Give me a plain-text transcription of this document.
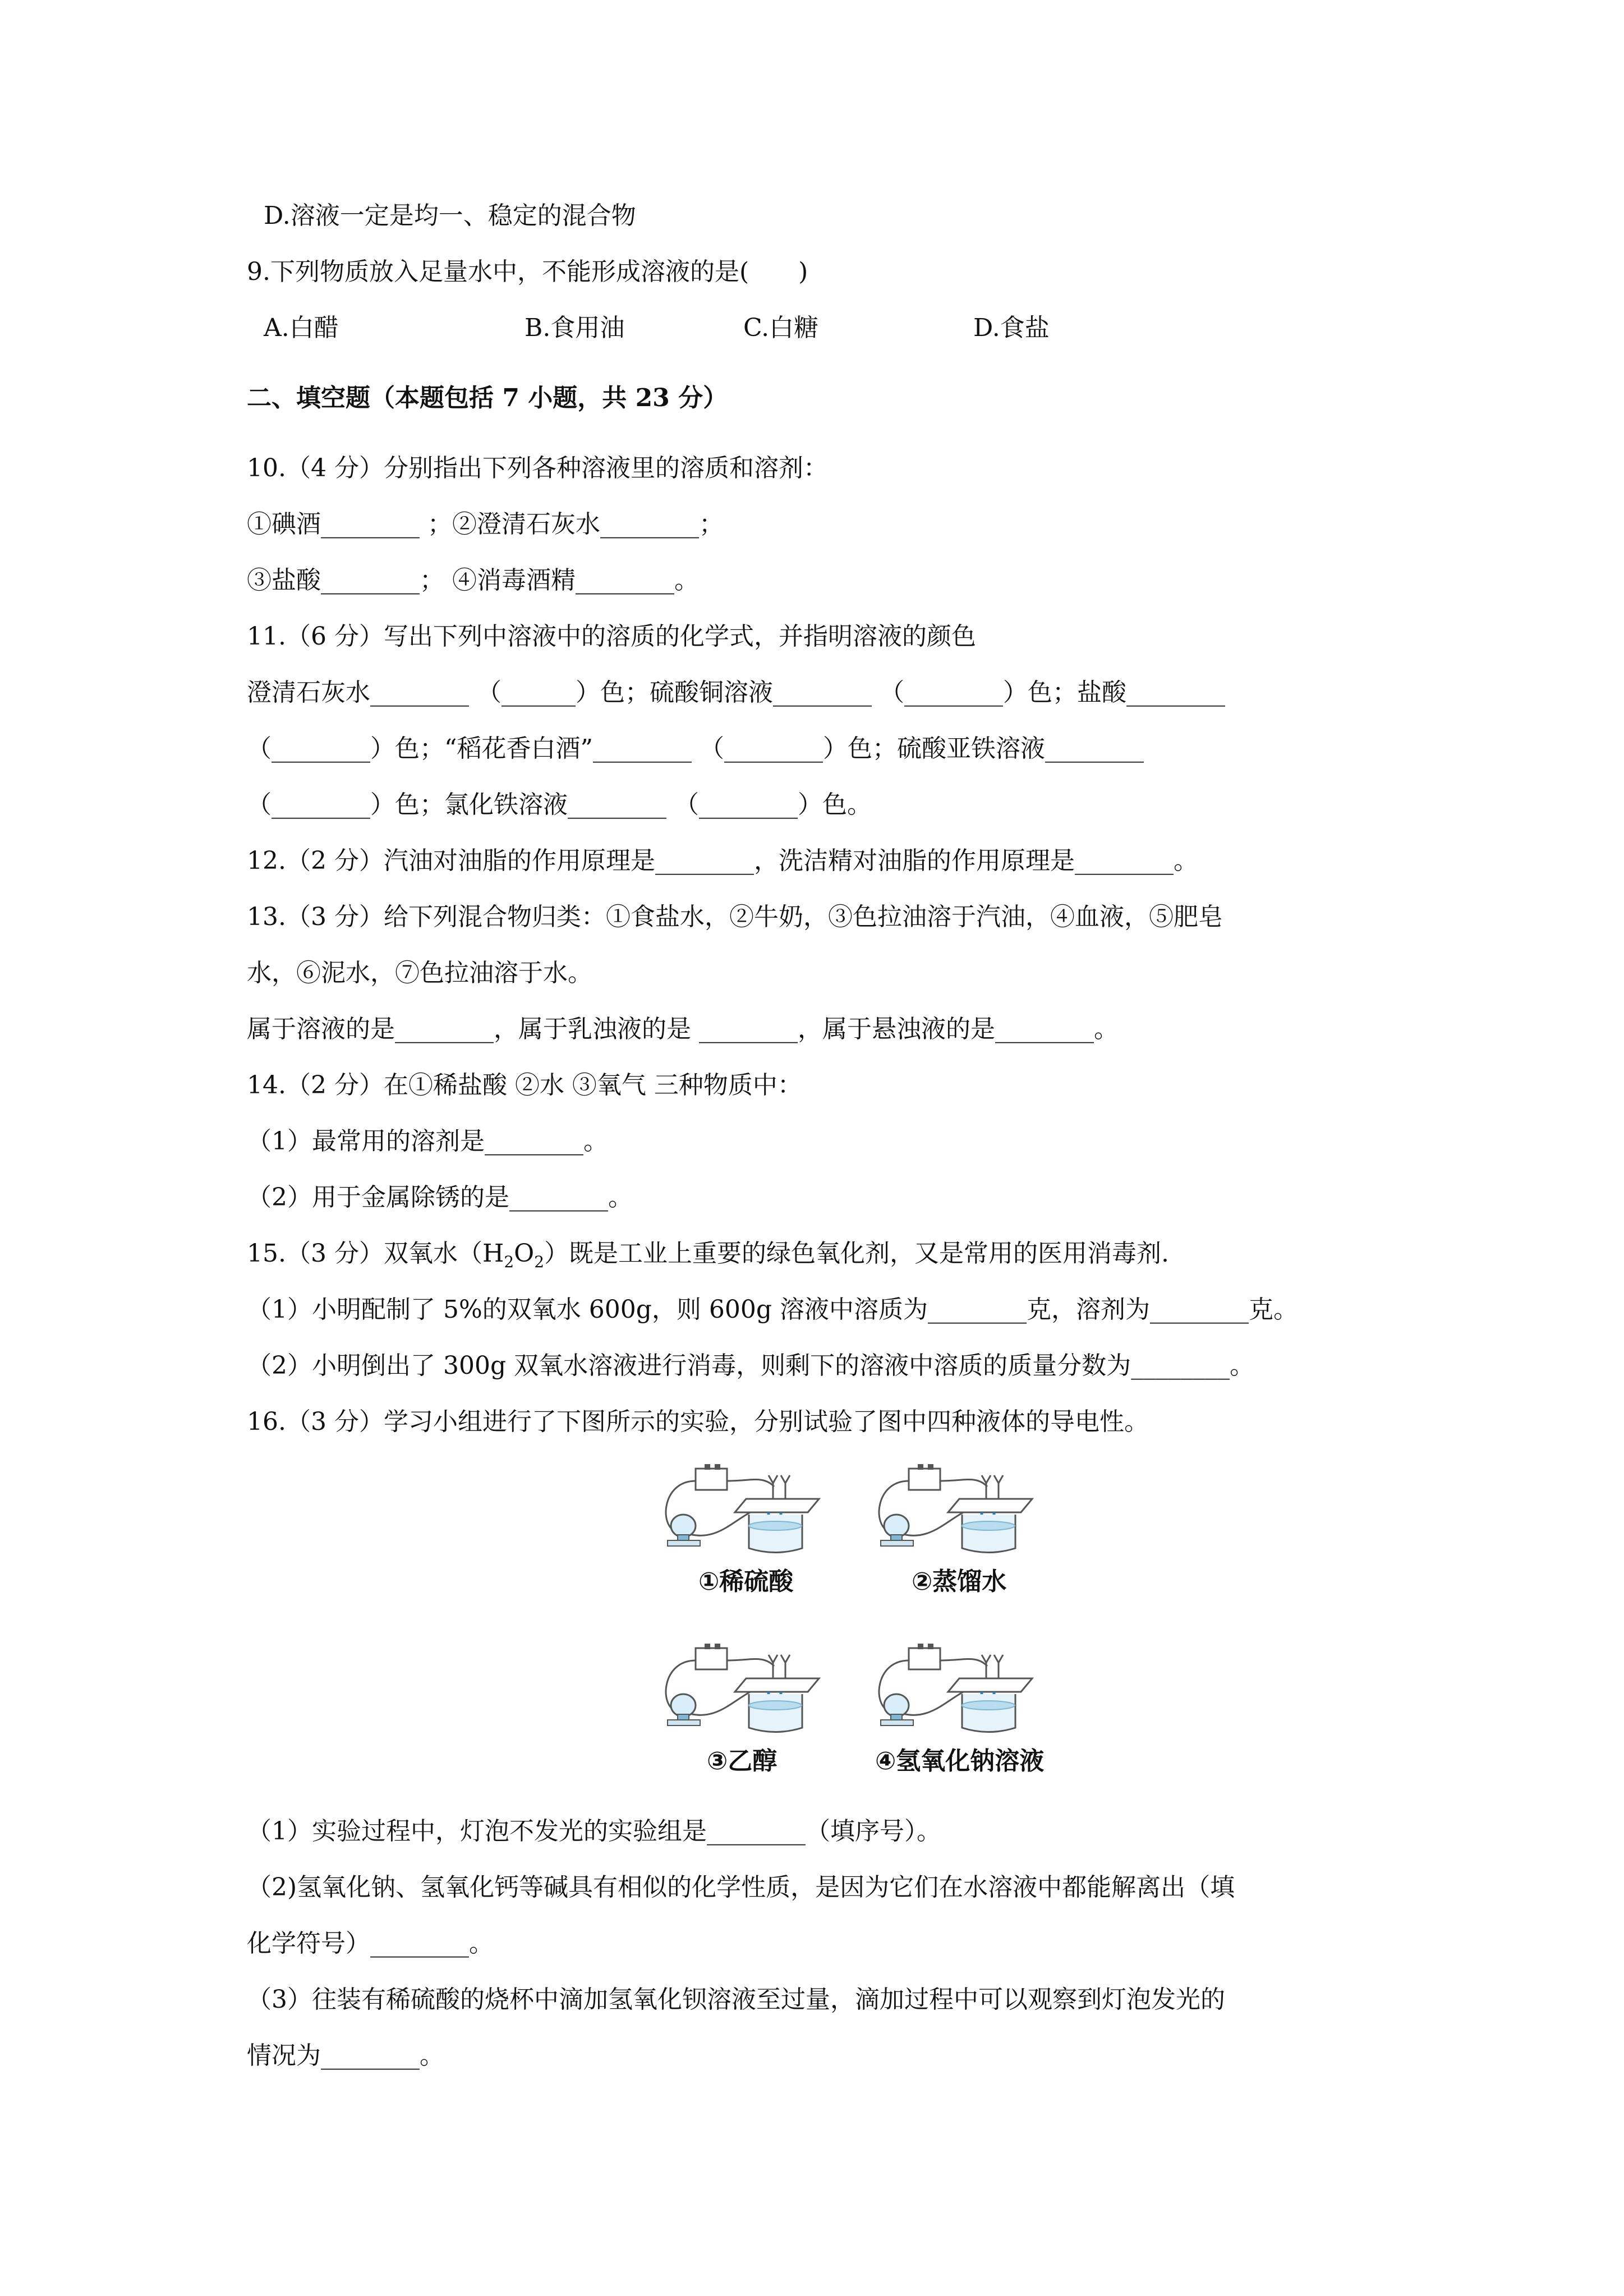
D.溶液一定是均一、稳定的混合物
9.下列物质放入足量水中，不能形成溶液的是(　　)
A.白醋	B.食用油	C.白糖	D.食盐
二、填空题（本题包括 7 小题，共 23 分）
10.（4 分）分别指出下列各种溶液里的溶质和溶剂：
①碘酒________ ；②澄清石灰水________；
③盐酸________； ④消毒酒精________。
11.（6 分）写出下列中溶液中的溶质的化学式，并指明溶液的颜色
澄清石灰水________ （______）色；硫酸铜溶液________ （________）色；盐酸________
（________）色；“稻花香白酒”________ （________）色；硫酸亚铁溶液________
（________）色；氯化铁溶液________ （________）色。
12.（2 分）汽油对油脂的作用原理是________，洗洁精对油脂的作用原理是________。
13.（3 分）给下列混合物归类：①食盐水，②牛奶，③色拉油溶于汽油，④血液，⑤肥皂
水，⑥泥水，⑦色拉油溶于水。
属于溶液的是________，属于乳浊液的是 ________，属于悬浊液的是________。
14.（2 分）在①稀盐酸 ②水 ③氧气 三种物质中：
（1）最常用的溶剂是________。
（2）用于金属除锈的是________。
15.（3 分）双氧水$(H_2O_2)$既是工业上重要的绿色氧化剂，又是常用的医用消毒剂.
（1）小明配制了 5%的双氧水 600g，则 600g 溶液中溶质为________克，溶剂为________克。
（2）小明倒出了 300g 双氧水溶液进行消毒，则剩下的溶液中溶质的质量分数为________。
16.（3 分）学习小组进行了下图所示的实验，分别试验了图中四种液体的导电性。
①稀硫酸	②蒸馏水
③乙醇	④氢氧化钠溶液
（1）实验过程中，灯泡不发光的实验组是________（填序号）。
（2)氢氧化钠、氢氧化钙等碱具有相似的化学性质，是因为它们在水溶液中都能解离出（填
化学符号）________。
（3）往装有稀硫酸的烧杯中滴加氢氧化钡溶液至过量，滴加过程中可以观察到灯泡发光的
情况为________。
